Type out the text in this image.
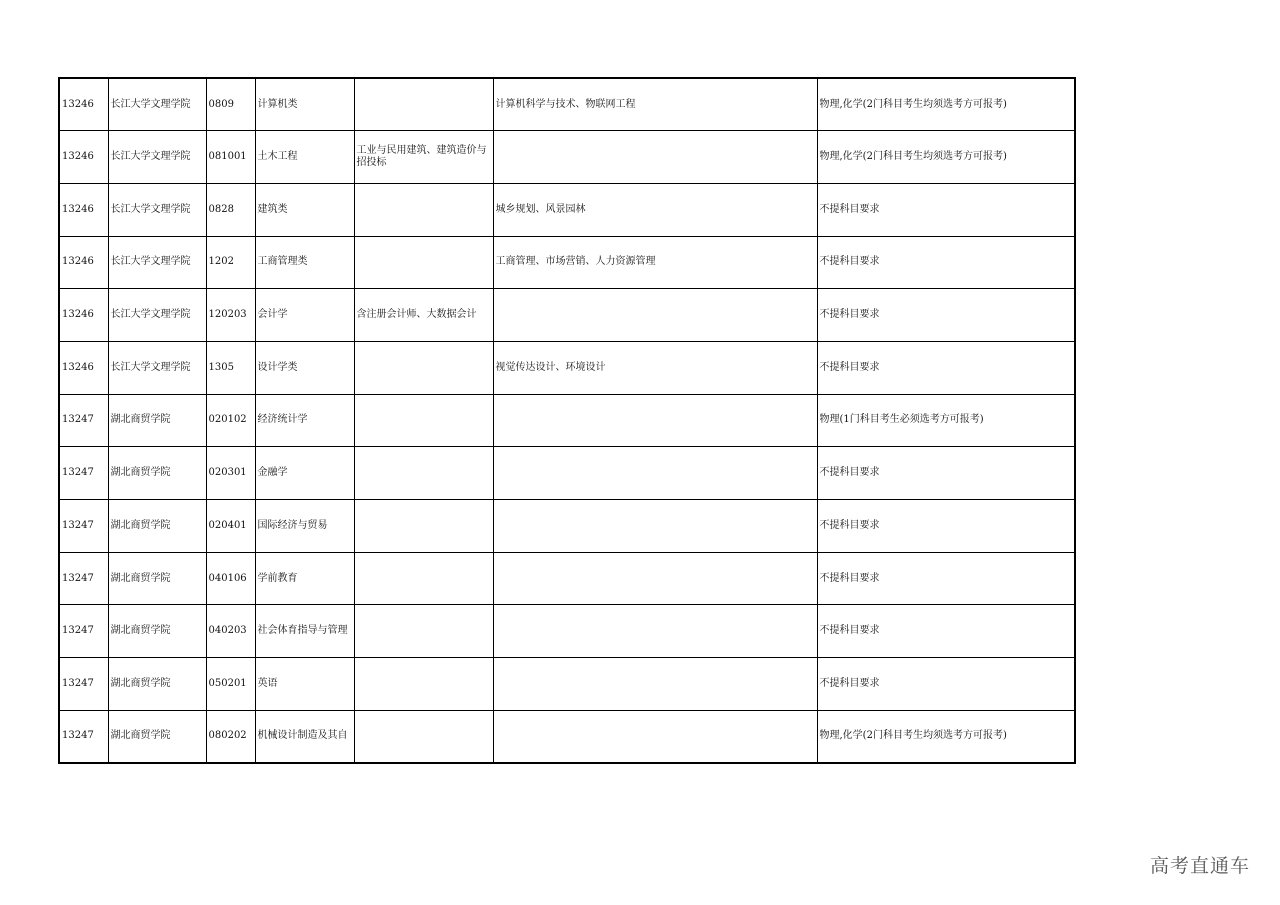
13246	长江大学文理学院	0809	计算机类		计算机科学与技术、物联网工程	物理,化学(2门科目考生均须选考方可报考)
13246	长江大学文理学院	081001	土木工程	工业与民用建筑、建筑造价与招投标		物理,化学(2门科目考生均须选考方可报考)
13246	长江大学文理学院	0828	建筑类		城乡规划、风景园林	不提科目要求
13246	长江大学文理学院	1202	工商管理类		工商管理、市场营销、人力资源管理	不提科目要求
13246	长江大学文理学院	120203	会计学	含注册会计师、大数据会计		不提科目要求
13246	长江大学文理学院	1305	设计学类		视觉传达设计、环境设计	不提科目要求
13247	湖北商贸学院	020102	经济统计学			物理(1门科目考生必须选考方可报考)
13247	湖北商贸学院	020301	金融学			不提科目要求
13247	湖北商贸学院	020401	国际经济与贸易			不提科目要求
13247	湖北商贸学院	040106	学前教育			不提科目要求
13247	湖北商贸学院	040203	社会体育指导与管理			不提科目要求
13247	湖北商贸学院	050201	英语			不提科目要求
13247	湖北商贸学院	080202	机械设计制造及其自			物理,化学(2门科目考生均须选考方可报考)
高考直通车
